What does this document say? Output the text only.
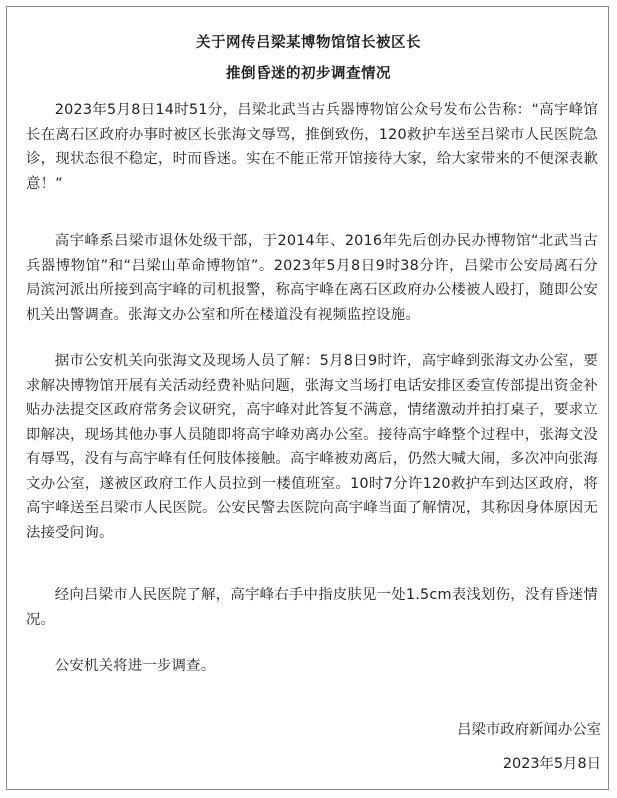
关于网传吕梁某博物馆馆长被区长
推倒昏迷的初步调查情况

2023年5月8日14时51分，吕梁北武当古兵器博物馆公众号发布公告称：“高宇峰馆长在离石区政府办事时被区长张海文辱骂，推倒致伤，120救护车送至吕梁市人民医院急诊，现状态很不稳定，时而昏迷。实在不能正常开馆接待大家，给大家带来的不便深表歉意！”

高宇峰系吕梁市退休处级干部，于2014年、2016年先后创办民办博物馆“北武当古兵器博物馆”和“吕梁山革命博物馆”。2023年5月8日9时38分许，吕梁市公安局离石分局滨河派出所接到高宇峰的司机报警，称高宇峰在离石区政府办公楼被人殴打，随即公安机关出警调查。张海文办公室和所在楼道没有视频监控设施。

据市公安机关向张海文及现场人员了解：5月8日9时许，高宇峰到张海文办公室，要求解决博物馆开展有关活动经费补贴问题，张海文当场打电话安排区委宣传部提出资金补贴办法提交区政府常务会议研究，高宇峰对此答复不满意，情绪激动并拍打桌子，要求立即解决，现场其他办事人员随即将高宇峰劝离办公室。接待高宇峰整个过程中，张海文没有辱骂，没有与高宇峰有任何肢体接触。高宇峰被劝离后，仍然大喊大闹，多次冲向张海文办公室，遂被区政府工作人员拉到一楼值班室。10时7分许120救护车到达区政府，将高宇峰送至吕梁市人民医院。公安民警去医院向高宇峰当面了解情况，其称因身体原因无法接受问询。

经向吕梁市人民医院了解，高宇峰右手中指皮肤见一处1.5cm表浅划伤，没有昏迷情况。

公安机关将进一步调查。

吕梁市政府新闻办公室
2023年5月8日
